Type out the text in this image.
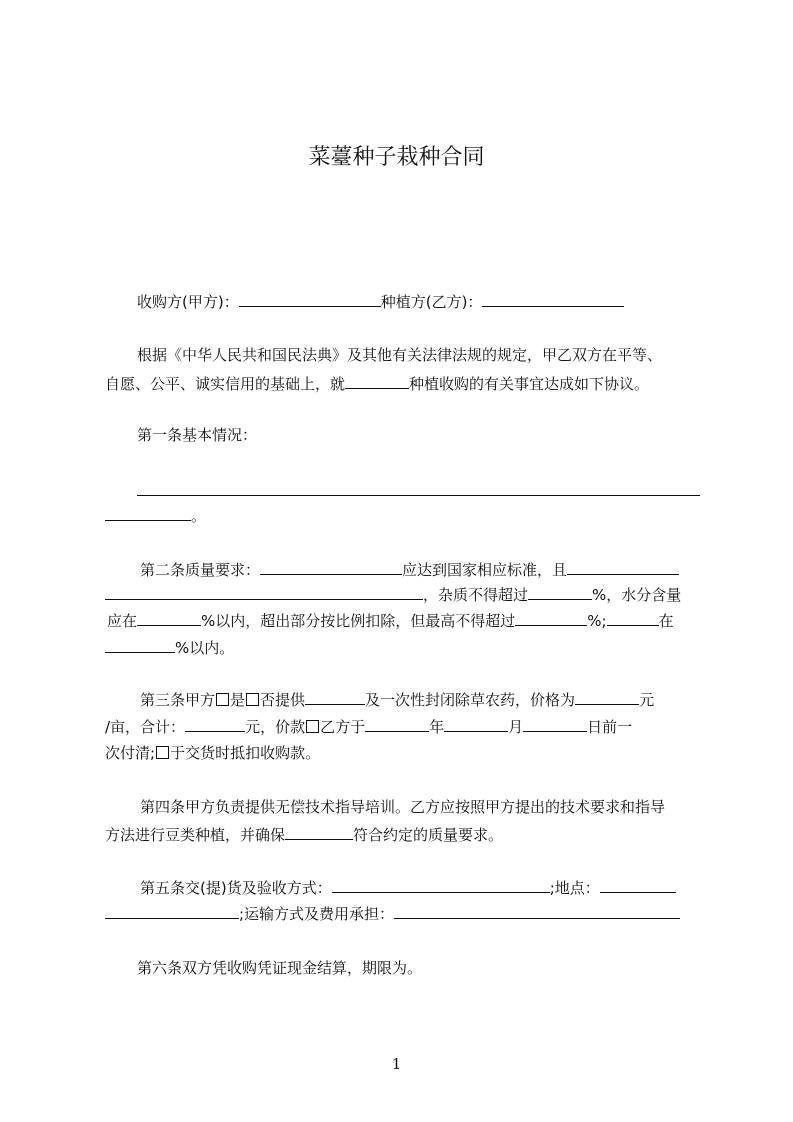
菜薹种子栽种合同
收购方(甲方)：	种植方(乙方)：
根据《中华人民共和国民法典》及其他有关法律法规的规定，甲乙双方在平等、
自愿、公平、诚实信用的基础上，就	种植收购的有关事宜达成如下协议。
第一条基本情况：
。
第二条质量要求：	应达到国家相应标准，且
，杂质不得超过	%，水分含量
应在	%以内，超出部分按比例扣除，但最高不得超过	%;	在
%以内。
第三条甲方 是 否提供	及一次性封闭除草农药，价格为	元
/亩，合计：	元，价款 乙方于	年	月	日前一
次付清; 于交货时抵扣收购款。
第四条甲方负责提供无偿技术指导培训。乙方应按照甲方提出的技术要求和指导
方法进行豆类种植，并确保	符合约定的质量要求。
第五条交(提)货及验收方式：	;地点：
;运输方式及费用承担：
第六条双方凭收购凭证现金结算，期限为。
1
